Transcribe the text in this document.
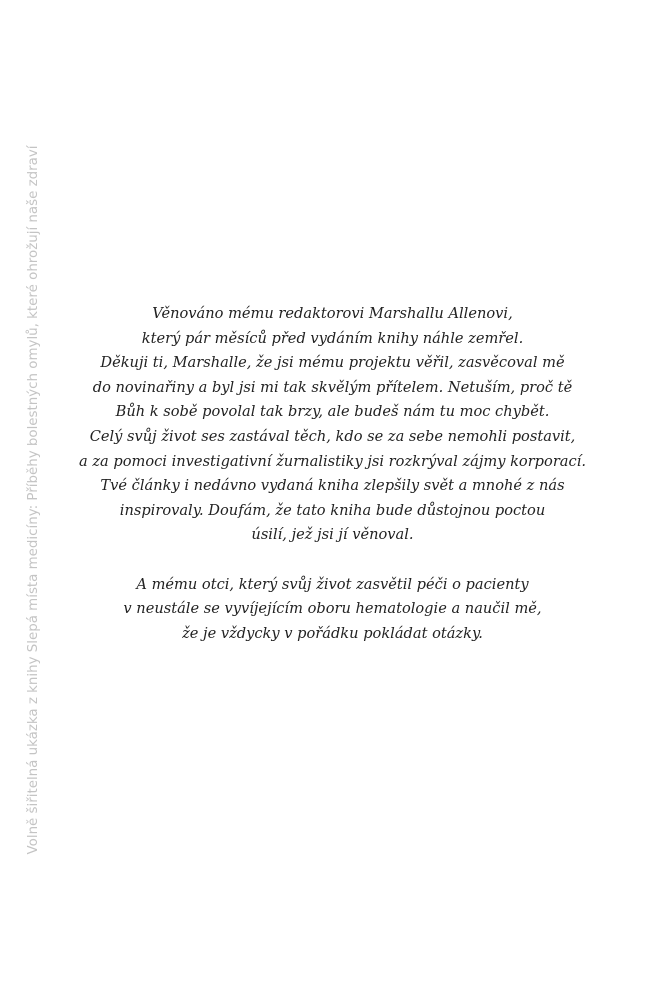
Volně šiřitelná ukázka z knihy Slepá místa medicíny: Příběhy bolestných omylů, které ohrožují naše zdraví	Věnováno mému redaktorovi Marshallu Allenovi,
který pár měsíců před vydáním knihy náhle zemřel.
Děkuji ti, Marshalle, že jsi mému projektu věřil, zasvěcoval mě
do novinařiny a byl jsi mi tak skvělým přítelem. Netuším, proč tě
Bůh k sobě povolal tak brzy, ale budeš nám tu moc chybět.
Celý svůj život ses zastával těch, kdo se za sebe nemohli postavit,
a za pomoci investigativní žurnalistiky jsi rozkrýval zájmy korporací.
Tvé články i nedávno vydaná kniha zlepšily svět a mnohé z nás
inspirovaly. Doufám, že tato kniha bude důstojnou poctou
úsilí, jež jsi jí věnoval.
A mému otci, který svůj život zasvětil péči o pacienty
v neustále se vyvíjejícím oboru hematologie a naučil mě,
že je vždycky v pořádku pokládat otázky.
